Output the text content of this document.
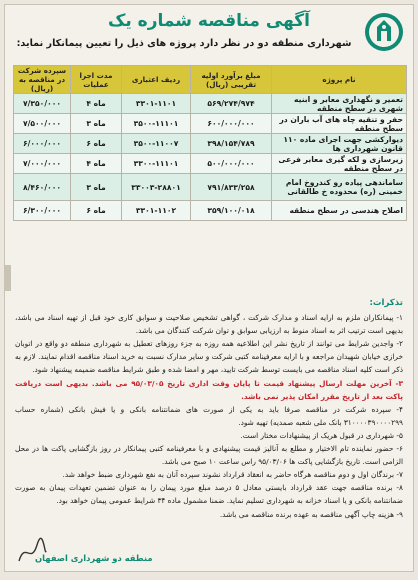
آگهی مناقصه شماره یک
شهرداری منطقه دو در نظر دارد پروژه های ذیل را تعیین پیمانکار نماید:
نام پروژه	مبلغ برآورد اولیه تقریبی (ریال)	ردیف اعتباری	مدت اجرا عملیات	سپرده شرکت در مناقصه به (ریال)
تعمیر و نگهداری معابر و ابنیه شهری در سطح منطقه	۵۶۹/۲۷۴/۹۷۴	۳۳۰۱-۱۱۰۱	۴ ماه	۷/۳۵۰/۰۰۰
حفر و تنقیه چاه های آب باران در سطح منطقه	۶۰۰/۰۰۰/۰۰۰	۳۵۰۰-۱۱۱۰۱	۳ ماه	۷/۵۰۰/۰۰۰
دیوارکشی جهت اجرای ماده ۱۱۰ قانون شهرداری ها	۳۹۸/۱۵۴/۷۸۹	۳۵۰۰-۱۱۰۰۷	۶ ماه	۶/۰۰۰/۰۰۰
زیرسازی و لکه گیری معابر فرعی در سطح منطقه	۵۰۰/۰۰۰/۰۰۰	۳۳۰۰-۱۱۱۰۱	۴ ماه	۷/۰۰۰/۰۰۰
ساماندهی پیاده رو کندروخ امام خمینی (ره) محدوده خ طالقانی	۷۹۱/۸۳۳/۲۵۸	۳۳۰۰۳-۲۸۸۰۱	۳ ماه	۸/۴۶۰/۰۰۰
اصلاح هندسی در سطح منطقه	۳۵۹/۱۰۰/۰۱۸	۳۳۰۱-۱۱۰۲	۶ ماه	۶/۳۰۰/۰۰۰
تذکرات:

۱- پیمانکاران ملزم به ارایه اسناد و مدارک شرکت ، گواهی تشخیص صلاحیت و سوابق کاری خود قبل از تهیه اسناد می باشد، بدیهی است ترتیب اثر به اسناد منوط به ارزیابی سوابق و توان شرکت کنندگان می باشد.

۲- واجدین شرایط می توانند از تاریخ نشر این اطلاعیه همه روزه به جزء روزهای تعطیل به شهرداری منطقه دو واقع در اتوبان خرازی خیابان شهیدان مراجعه و با ارایه معرفینامه کتبی شرکت و سایر مدارک نسبت به خرید اسناد مناقصه اقدام نمایند. لازم به ذکر است کلیه اسناد مناقصه می بایست توسط شرکت تایید، مهر و امضا شده و طبق شرایط مناقصه ضمیمه پیشنهاد شود.

۳- آخرین مهلت ارسال پیشنهاد قیمت تا پایان وقت اداری تاریخ ۹۵/۰۳/۰۵ می باشد. بدیهی است دریافت پاکت بعد از تاریخ مقرر امکان پذیر نمی باشد.

۴- سپرده شرکت در مناقصه صرفا باید به یکی از صورت های ضمانتنامه بانکی و یا فیش بانکی (شماره حساب ۳۱۰۰۰۰۳۹۰۰۰۰۲۹۹ بانک ملی شعبه صمدیه) تهیه شود.

۵- شهرداری در قبول هریک از پیشنهادات مختار است.

۶- حضور نماینده تام الاختیار و مطلع به آنالیز قیمت پیشنهادی و با معرفینامه کتبی پیمانکار در روز بازگشایی پاکت ها در محل الزامی است. تاریخ بازگشایی پاکت ها ۹۵/۰۳/۰۶ راس ساعت ۱۰ صبح می باشد.

۷- برندگان اول و دوم مناقصه هرگاه حاضر به انعقاد قرارداد نشوند سپرده آنان به نفع شهرداری ضبط خواهد شد.

۸- برنده مناقصه جهت عقد قرارداد بایستی معادل ۵ درصد مبلغ مورد پیمان را به عنوان تضمین تعهدات پیمان به صورت ضمانتنامه بانکی و یا اسناد خزانه به شهرداری تسلیم نماید. ضمنا مشمول ماده ۳۴ شرایط عمومی پیمان خواهد بود.

۹- هزینه چاپ آگهی مناقصه به عهده برنده مناقصه می باشد.

منطقه دو شهرداری اصفهان
